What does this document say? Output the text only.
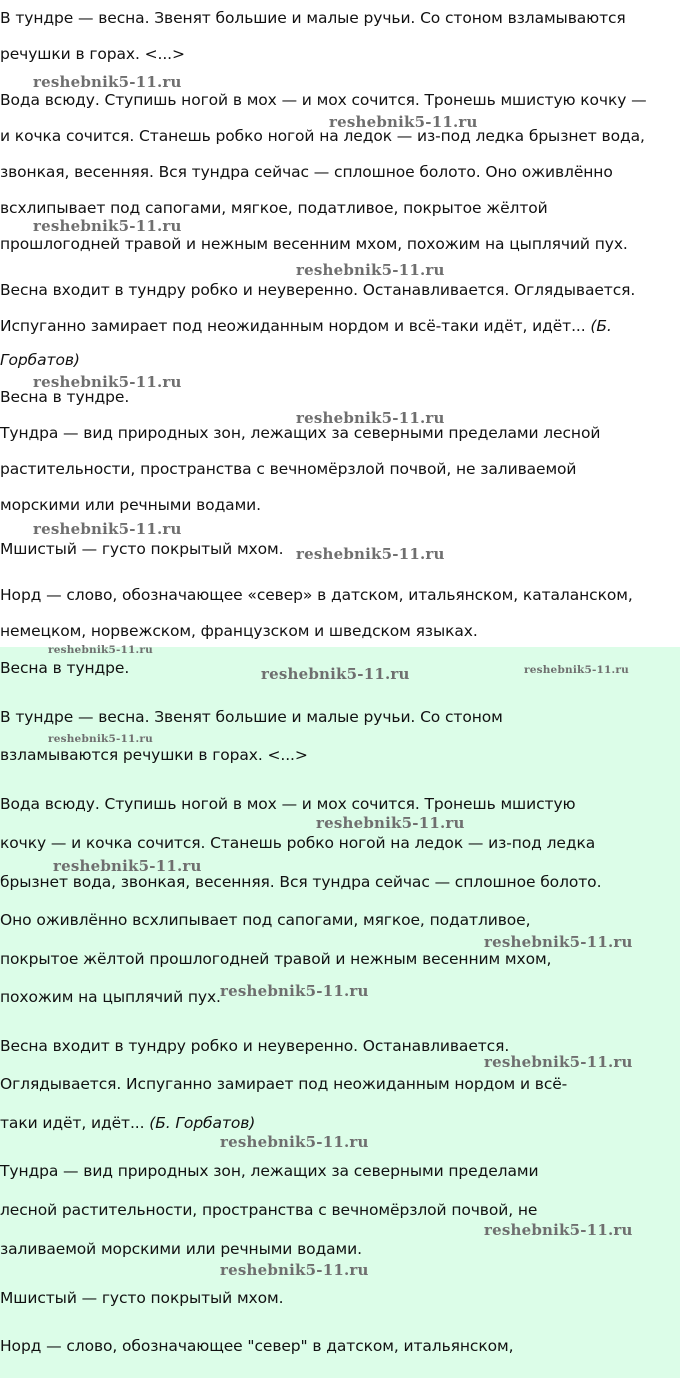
В тундре — весна. Звенят большие и малые ручьи. Со стоном взламываются
речушки в горах. <...>
Вода всюду. Ступишь ногой в мох — и мох сочится. Тронешь мшистую кочку —
и кочка сочится. Станешь робко ногой на ледок — из-под ледка брызнет вода,
звонкая, весенняя. Вся тундра сейчас — сплошное болото. Оно оживлённо
всхлипывает под сапогами, мягкое, податливое, покрытое жёлтой
прошлогодней травой и нежным весенним мхом, похожим на цыплячий пух.
Весна входит в тундру робко и неуверенно. Останавливается. Оглядывается.
Испуганно замирает под неожиданным нордом и всё-таки идёт, идёт... (Б.
Горбатов)
Весна в тундре.
Тундра — вид природных зон, лежащих за северными пределами лесной
растительности, пространства с вечномёрзлой почвой, не заливаемой
морскими или речными водами.
Мшистый — густо покрытый мхом.
Норд — слово, обозначающее «север» в датском, итальянском, каталанском,
немецком, норвежском, французском и шведском языках.
Весна в тундре.
В тундре — весна. Звенят большие и малые ручьи. Со стоном
взламываются речушки в горах. <...>
Вода всюду. Ступишь ногой в мох — и мох сочится. Тронешь мшистую
кочку — и кочка сочится. Станешь робко ногой на ледок — из-под ледка
брызнет вода, звонкая, весенняя. Вся тундра сейчас — сплошное болото.
Оно оживлённо всхлипывает под сапогами, мягкое, податливое,
покрытое жёлтой прошлогодней травой и нежным весенним мхом,
похожим на цыплячий пух.
Весна входит в тундру робко и неуверенно. Останавливается.
Оглядывается. Испуганно замирает под неожиданным нордом и всё-
таки идёт, идёт... (Б. Горбатов)
Тундра — вид природных зон, лежащих за северными пределами
лесной растительности, пространства с вечномёрзлой почвой, не
заливаемой морскими или речными водами.
Мшистый — густо покрытый мхом.
Норд — слово, обозначающее "север" в датском, итальянском,
reshebnik5-11.ru
reshebnik5-11.ru
reshebnik5-11.ru
reshebnik5-11.ru
reshebnik5-11.ru
reshebnik5-11.ru
reshebnik5-11.ru
reshebnik5-11.ru
reshebnik5-11.ru
reshebnik5-11.ru	reshebnik5-11.ru
reshebnik5-11.ru
reshebnik5-11.ru
reshebnik5-11.ru
reshebnik5-11.ru
reshebnik5-11.ru
reshebnik5-11.ru
reshebnik5-11.ru
reshebnik5-11.ru
reshebnik5-11.ru
